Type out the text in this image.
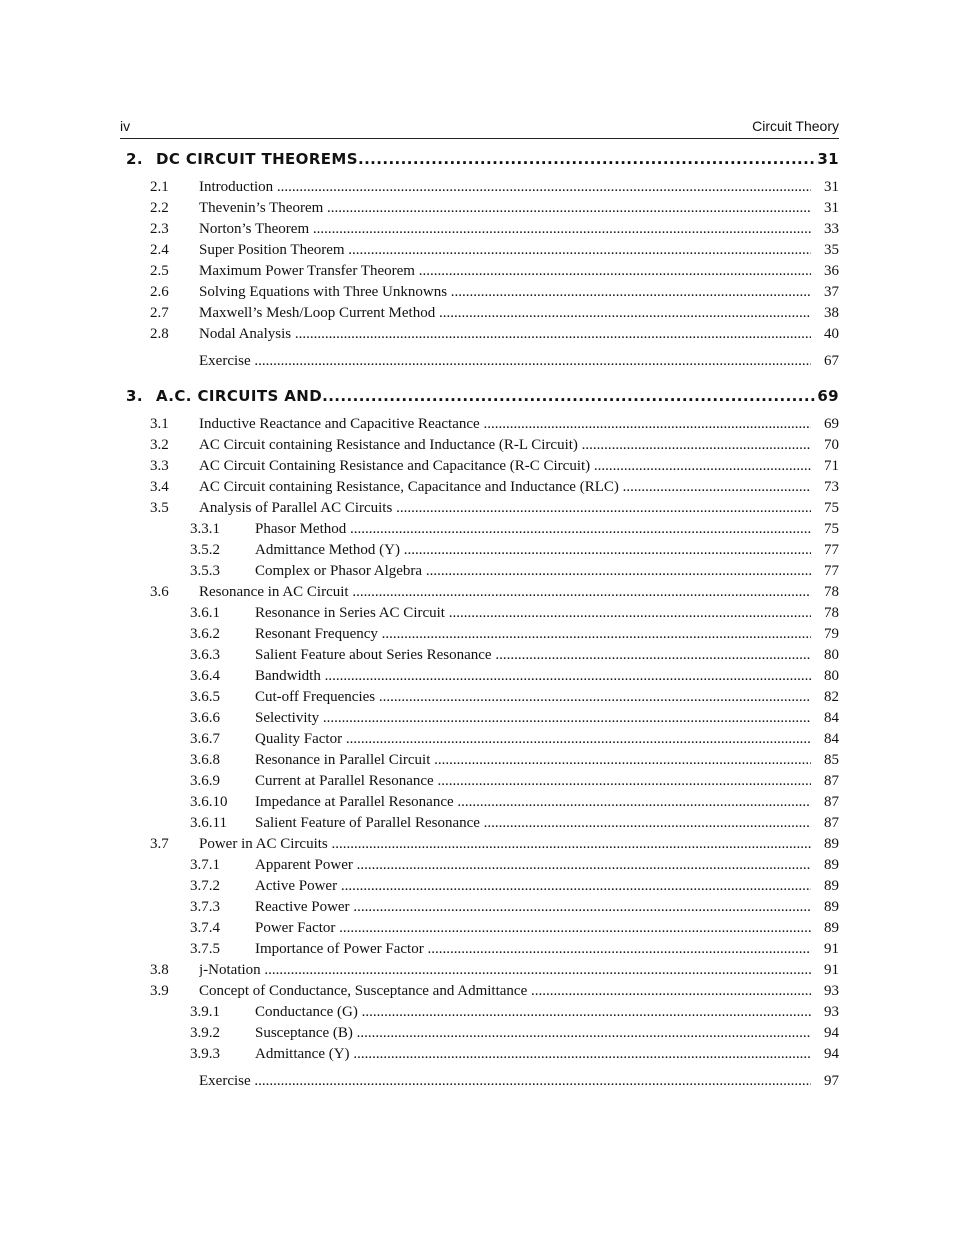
iv	Circuit Theory
2. DC CIRCUIT THEOREMS .....	31
2.1	Introduction .....	31
2.2	Thevenin’s Theorem .....	31
2.3	Norton’s Theorem .....	33
2.4	Super Position Theorem .....	35
2.5	Maximum Power Transfer Theorem .....	36
2.6	Solving Equations with Three Unknowns .....	37
2.7	Maxwell’s Mesh/Loop Current Method .....	38
2.8	Nodal Analysis .....	40
Exercise .....	67
3. A.C. CIRCUITS AND .....	69
3.1	Inductive Reactance and Capacitive Reactance .....	69
3.2	AC Circuit containing Resistance and Inductance (R-L Circuit) .....	70
3.3	AC Circuit Containing Resistance and Capacitance (R-C Circuit) .....	71
3.4	AC Circuit containing Resistance, Capacitance and Inductance (RLC) .....	73
3.5	Analysis of Parallel AC Circuits .....	75
3.3.1	Phasor Method .....	75
3.5.2	Admittance Method (Y) .....	77
3.5.3	Complex or Phasor Algebra .....	77
3.6	Resonance in AC Circuit .....	78
3.6.1	Resonance in Series AC Circuit .....	78
3.6.2	Resonant Frequency .....	79
3.6.3	Salient Feature about Series Resonance .....	80
3.6.4	Bandwidth .....	80
3.6.5	Cut-off Frequencies .....	82
3.6.6	Selectivity .....	84
3.6.7	Quality Factor .....	84
3.6.8	Resonance in Parallel Circuit .....	85
3.6.9	Current at Parallel Resonance .....	87
3.6.10	Impedance at Parallel Resonance .....	87
3.6.11	Salient Feature of Parallel Resonance .....	87
3.7	Power in AC Circuits .....	89
3.7.1	Apparent Power .....	89
3.7.2	Active Power .....	89
3.7.3	Reactive Power .....	89
3.7.4	Power Factor .....	89
3.7.5	Importance of Power Factor .....	91
3.8	j-Notation .....	91
3.9	Concept of Conductance, Susceptance and Admittance .....	93
3.9.1	Conductance (G) .....	93
3.9.2	Susceptance (B) .....	94
3.9.3	Admittance (Y) .....	94
Exercise .....	97
